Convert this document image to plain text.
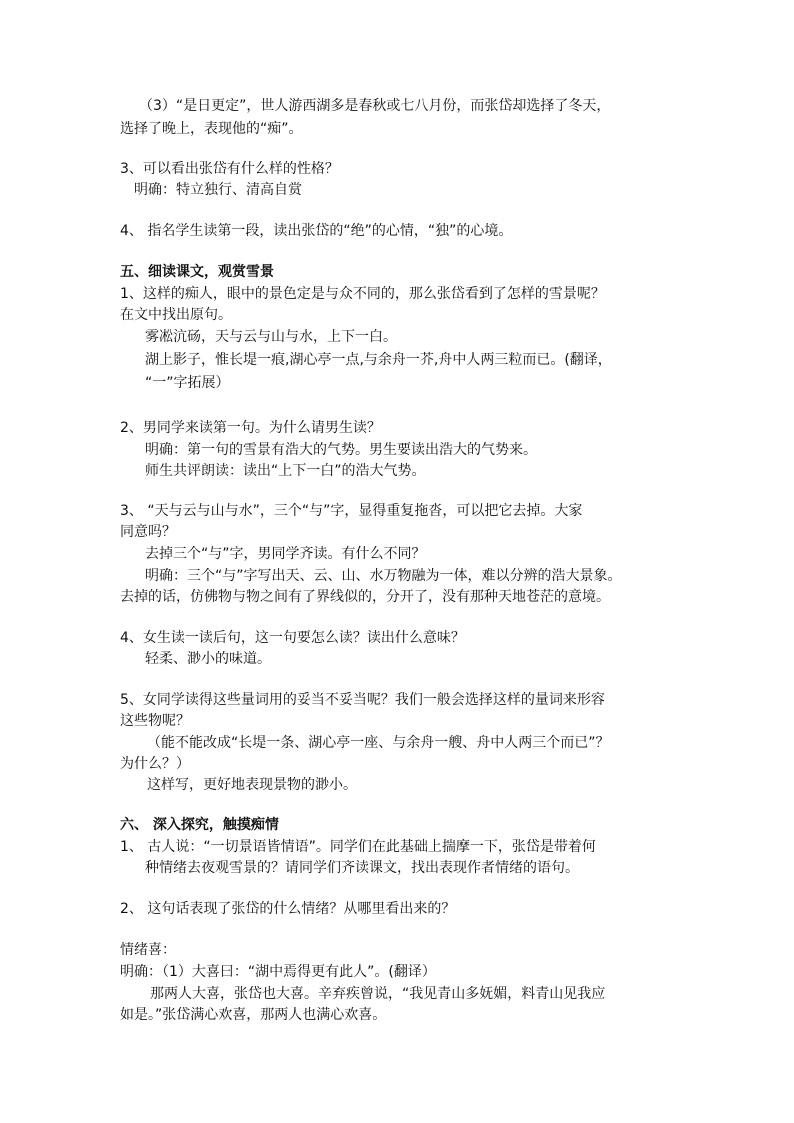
（3）“是日更定”，世人游西湖多是春秋或七八月份，而张岱却选择了冬天，
选择了晚上，表现他的“痴”。
3、可以看出张岱有什么样的性格？
明确：特立独行、清高自赏
4、 指名学生读第一段，读出张岱的“绝”的心情，“独”的心境。
五、细读课文，观赏雪景
1、这样的痴人，眼中的景色定是与众不同的，那么张岱看到了怎样的雪景呢？
在文中找出原句。
雾凇沆砀，天与云与山与水，上下一白。
湖上影子，惟长堤一痕,湖心亭一点,与余舟一芥,舟中人两三粒而已。(翻译，
“一”字拓展）
2、男同学来读第一句。为什么请男生读？
明确：第一句的雪景有浩大的气势。男生要读出浩大的气势来。
师生共评朗读：读出“上下一白”的浩大气势。
3、 “天与云与山与水”，三个“与”字，显得重复拖沓，可以把它去掉。大家
同意吗？
去掉三个“与”字，男同学齐读。有什么不同？
明确：三个“与”字写出天、云、山、水万物融为一体，难以分辨的浩大景象。
去掉的话，仿佛物与物之间有了界线似的，分开了，没有那种天地苍茫的意境。
4、女生读一读后句，这一句要怎么读？读出什么意味？
轻柔、渺小的味道。
5、女同学读得这些量词用的妥当不妥当呢？我们一般会选择这样的量词来形容
这些物呢？
（能不能改成“长堤一条、湖心亭一座、与余舟一艘、舟中人两三个而已”？
为什么？）
这样写，更好地表现景物的渺小。
六、 深入探究，触摸痴情
1、 古人说：“一切景语皆情语”。同学们在此基础上揣摩一下，张岱是带着何
种情绪去夜观雪景的？请同学们齐读课文，找出表现作者情绪的语句。
2、 这句话表现了张岱的什么情绪？从哪里看出来的？
情绪喜：
明确：（1）大喜曰：“湖中焉得更有此人”。(翻译）
那两人大喜，张岱也大喜。辛弃疾曾说，“我见青山多妩媚，料青山见我应
如是。”张岱满心欢喜，那两人也满心欢喜。
